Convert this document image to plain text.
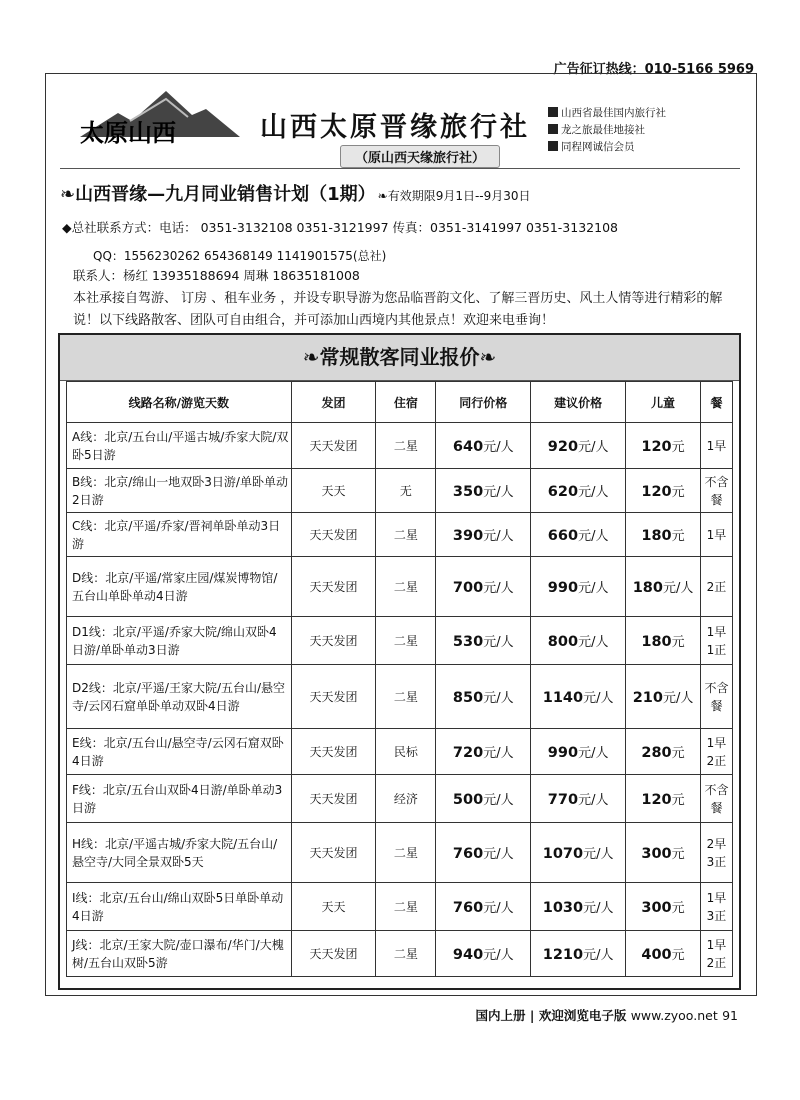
广告征订热线：010-5166 5969
太原山西	山西太原晋缘旅行社
（原山西天缘旅行社）
山西省最佳国内旅行社
龙之旅最佳地接社
同程网诚信会员
❧山西晋缘—九月同业销售计划（1期） ❧有效期限9月1日--9月30日
◆总社联系方式：电话： 0351-3132108 0351-3121997 传真：0351-3141997 0351-3132108
QQ：1556230262 654368149 1141901575(总社)
联系人：杨红 13935188694 周琳 18635181008
本社承接自驾游、 订房 、租车业务 ，并设专职导游为您品临晋韵文化、了解三晋历史、风土人情等进行精彩的解说！以下线路散客、团队可自由组合，并可添加山西境内其他景点！欢迎来电垂询！
❧常规散客同业报价❧
线路名称/游览天数	发团	住宿	同行价格	建议价格	儿童	餐
A线：北京/五台山/平遥古城/乔家大院/双卧5日游	天天发团	二星	640元/人	920元/人	120元	1早
B线：北京/绵山一地双卧3日游/单卧单动2日游	天天	无	350元/人	620元/人	120元	不含餐
C线：北京/平遥/乔家/晋祠单卧单动3日游	天天发团	二星	390元/人	660元/人	180元	1早
D线：北京/平遥/常家庄园/煤炭博物馆/五台山单卧单动4日游	天天发团	二星	700元/人	990元/人	180元/人	2正
D1线：北京/平遥/乔家大院/绵山双卧4日游/单卧单动3日游	天天发团	二星	530元/人	800元/人	180元	1早
1正
D2线：北京/平遥/王家大院/五台山/悬空寺/云冈石窟单卧单动双卧4日游	天天发团	二星	850元/人	1140元/人	210元/人	不含餐
E线：北京/五台山/悬空寺/云冈石窟双卧4日游	天天发团	民标	720元/人	990元/人	280元	1早
2正
F线：北京/五台山双卧4日游/单卧单动3日游	天天发团	经济	500元/人	770元/人	120元	不含餐
H线：北京/平遥古城/乔家大院/五台山/悬空寺/大同全景双卧5天	天天发团	二星	760元/人	1070元/人	300元	2早
3正
I线：北京/五台山/绵山双卧5日单卧单动4日游	天天	二星	760元/人	1030元/人	300元	1早
3正
J线：北京/王家大院/壶口瀑布/华门/大槐树/五台山双卧5游	天天发团	二星	940元/人	1210元/人	400元	1早
2正
国内上册 | 欢迎浏览电子版 www.zyoo.net 91
